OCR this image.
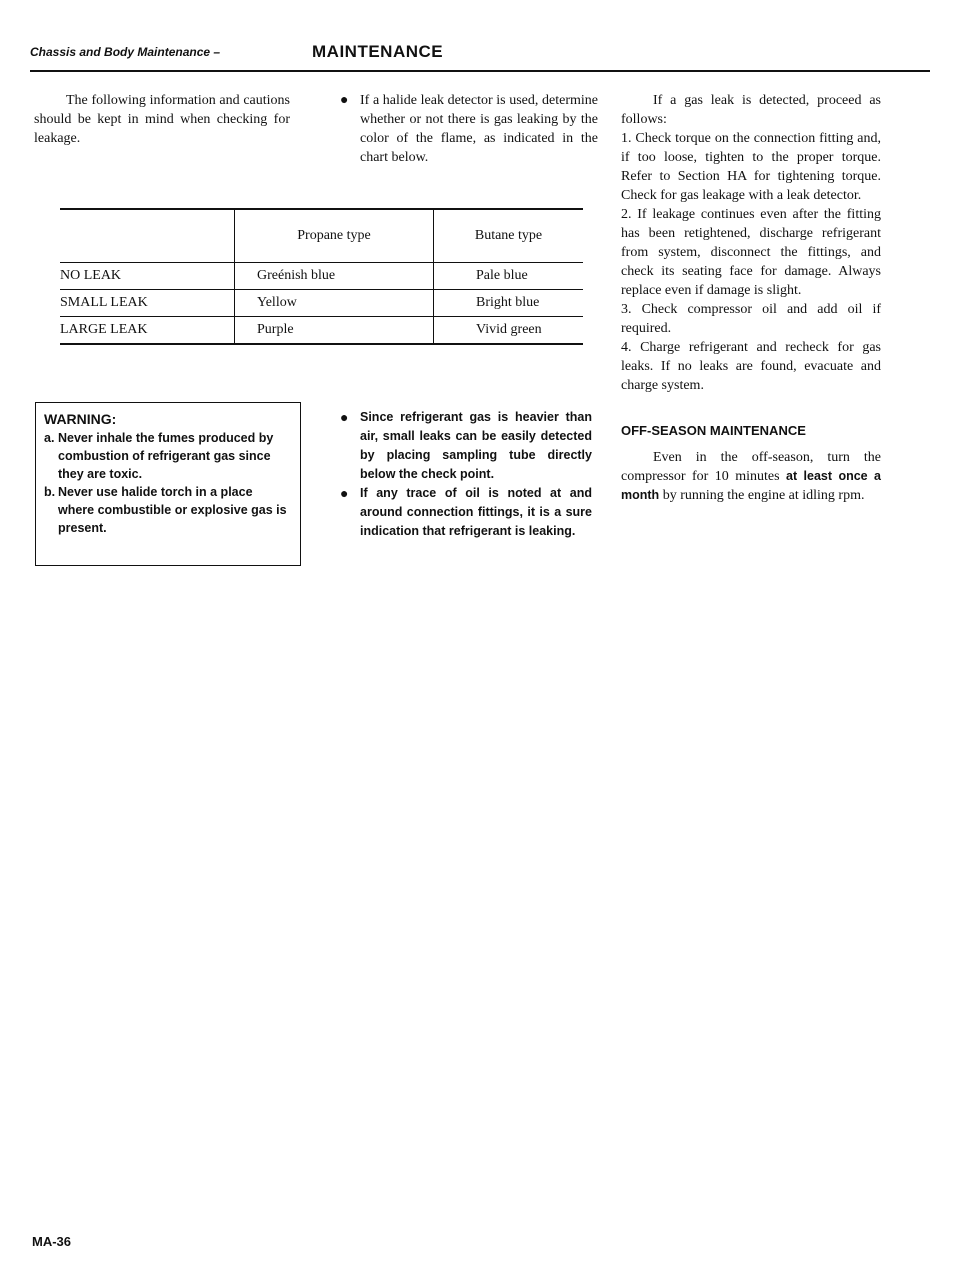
Chassis and Body Maintenance –	MAINTENANCE

The following information and cautions should be kept in mind when checking for leakage.

● If a halide leak detector is used, determine whether or not there is gas leaking by the color of the flame, as indicated in the chart below.
	Propane type	Butane type
NO LEAK	Greénish blue	Pale blue
SMALL LEAK	Yellow	Bright blue
LARGE LEAK	Purple	Vivid green
WARNING:
a. Never inhale the fumes produced by combustion of refrigerant gas since they are toxic.
b. Never use halide torch in a place where combustible or explosive gas is present.
● Since refrigerant gas is heavier than air, small leaks can be easily detected by placing sampling tube directly below the check point.
● If any trace of oil is noted at and around connection fittings, it is a sure indication that refrigerant is leaking.

If a gas leak is detected, proceed as follows:

1. Check torque on the connection fitting and, if too loose, tighten to the proper torque. Refer to Section HA for tightening torque. Check for gas leakage with a leak detector.
2. If leakage continues even after the fitting has been retightened, discharge refrigerant from system, disconnect the fittings, and check its seating face for damage. Always replace even if damage is slight.
3. Check compressor oil and add oil if required.
4. Charge refrigerant and recheck for gas leaks. If no leaks are found, evacuate and charge system.

OFF-SEASON MAINTENANCE

Even in the off-season, turn the compressor for 10 minutes at least once a month by running the engine at idling rpm.

MA-36
